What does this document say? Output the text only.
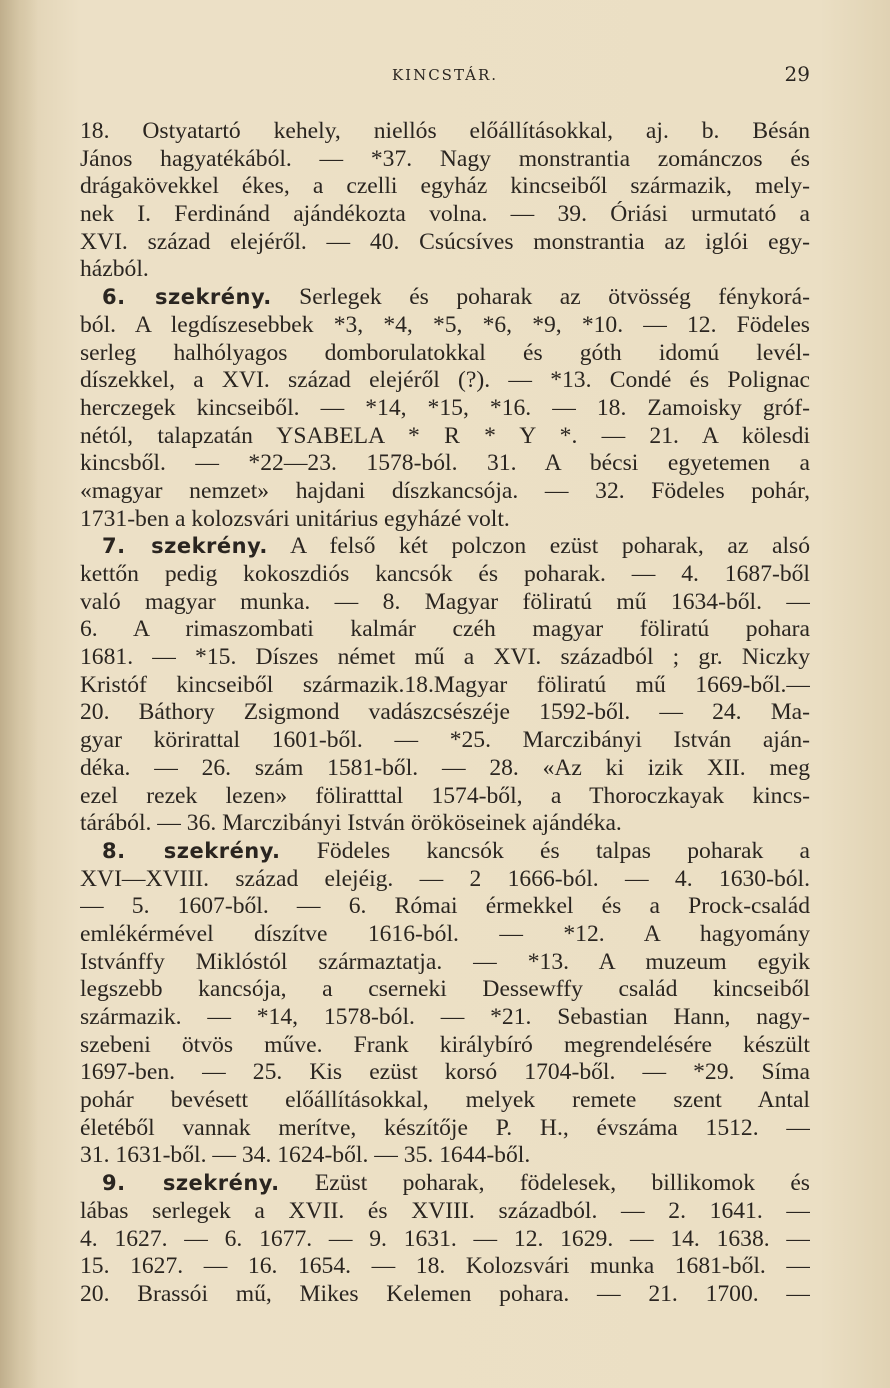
KINCSTÁR.	29
18. Ostyatartó kehely, niellós előállításokkal, aj. b. Bésán
János hagyatékából. — *37. Nagy monstrantia zománczos és
drágakövekkel ékes, a czelli egyház kincseiből származik, mely-
nek I. Ferdinánd ajándékozta volna. — 39. Óriási urmutató a
XVI. század elejéről. — 40. Csúcsíves monstrantia az iglói egy-
házból.
6. szekrény. Serlegek és poharak az ötvösség fénykorá-
ból. A legdíszesebbek *3, *4, *5, *6, *9, *10. — 12. Födeles
serleg halhólyagos domborulatokkal és góth idomú levél-
díszekkel, a XVI. század elejéről (?). — *13. Condé és Polignac
herczegek kincseiből. — *14, *15, *16. — 18. Zamoisky gróf-
nétól, talapzatán YSABELA * R * Y *. — 21. A kölesdi
kincsből. — *22—23. 1578-ból. 31. A bécsi egyetemen a
«magyar nemzet» hajdani díszkancsója. — 32. Födeles pohár,
1731-ben a kolozsvári unitárius egyházé volt.
7. szekrény. A felső két polczon ezüst poharak, az alsó
kettőn pedig kokoszdiós kancsók és poharak. — 4. 1687-ből
való magyar munka. — 8. Magyar föliratú mű 1634-ből. —
6. A rimaszombati kalmár czéh magyar föliratú pohara
1681. — *15. Díszes német mű a XVI. századból ; gr. Niczky
Kristóf kincseiből származik.18.Magyar föliratú mű 1669-ből.—
20. Báthory Zsigmond vadászcsészéje 1592-ből. — 24. Ma-
gyar körirattal 1601-ből. — *25. Marczibányi István aján-
déka. — 26. szám 1581-ből. — 28. «Az ki izik XII. meg
ezel rezek lezen» föliratttal 1574-ből, a Thoroczkayak kincs-
tárából. — 36. Marczibányi István örököseinek ajándéka.
8. szekrény. Födeles kancsók és talpas poharak a
XVI—XVIII. század elejéig. — 2 1666-ból. — 4. 1630-ból.
— 5. 1607-ből. — 6. Római érmekkel és a Prock-család
emlékérmével díszítve 1616-ból. — *12. A hagyomány
Istvánffy Miklóstól származtatja. — *13. A muzeum egyik
legszebb kancsója, a cserneki Dessewffy család kincseiből
származik. — *14, 1578-ból. — *21. Sebastian Hann, nagy-
szebeni ötvös műve. Frank királybíró megrendelésére készült
1697-ben. — 25. Kis ezüst korsó 1704-ből. — *29. Síma
pohár bevésett előállításokkal, melyek remete szent Antal
életéből vannak merítve, készítője P. H., évszáma 1512. —
31. 1631-ből. — 34. 1624-ből. — 35. 1644-ből.
9. szekrény. Ezüst poharak, födelesek, billikomok és
lábas serlegek a XVII. és XVIII. századból. — 2. 1641. —
4. 1627. — 6. 1677. — 9. 1631. — 12. 1629. — 14. 1638. —
15. 1627. — 16. 1654. — 18. Kolozsvári munka 1681-ből. —
20. Brassói mű, Mikes Kelemen pohara. — 21. 1700. —
